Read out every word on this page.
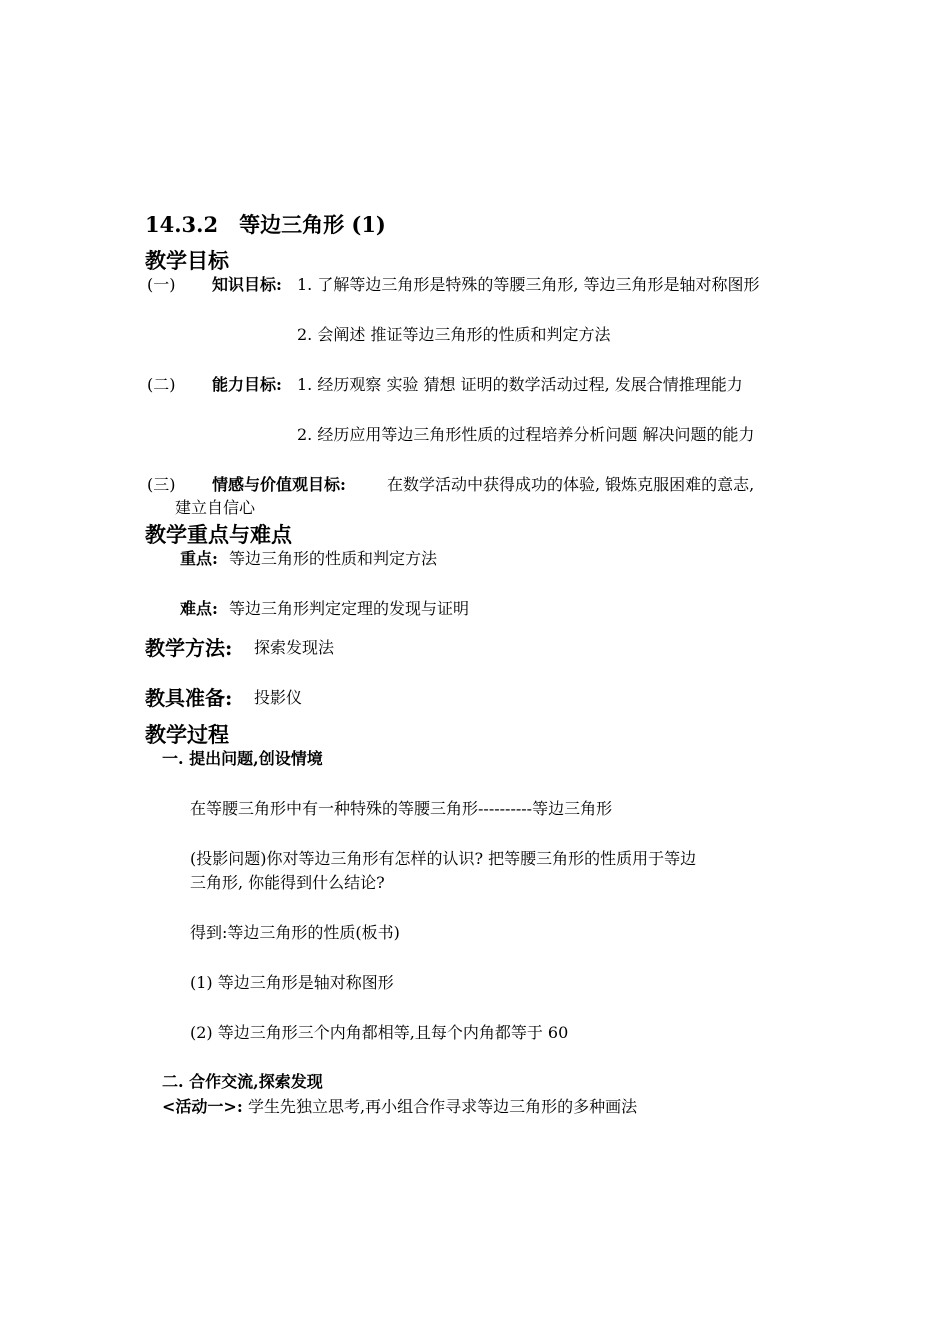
14.3.2　等边三角形 (1)
教学目标
(一) 知识目标: 1. 了解等边三角形是特殊的等腰三角形, 等边三角形是轴对称图形
2. 会阐述 推证等边三角形的性质和判定方法
(二) 能力目标: 1. 经历观察 实验 猜想 证明的数学活动过程, 发展合情推理能力
2. 经历应用等边三角形性质的过程培养分析问题 解决问题的能力
(三) 情感与价值观目标:	在数学活动中获得成功的体验, 锻炼克服困难的意志,
建立自信心
教学重点与难点
重点: 等边三角形的性质和判定方法
难点: 等边三角形判定定理的发现与证明
教学方法: 探索发现法
教具准备: 投影仪
教学过程
一. 提出问题,创设情境
在等腰三角形中有一种特殊的等腰三角形----------等边三角形
(投影问题)你对等边三角形有怎样的认识? 把等腰三角形的性质用于等边
三角形, 你能得到什么结论?
得到:等边三角形的性质(板书)
(1) 等边三角形是轴对称图形
(2) 等边三角形三个内角都相等,且每个内角都等于 60
二. 合作交流,探索发现
<活动一>: 学生先独立思考,再小组合作寻求等边三角形的多种画法
